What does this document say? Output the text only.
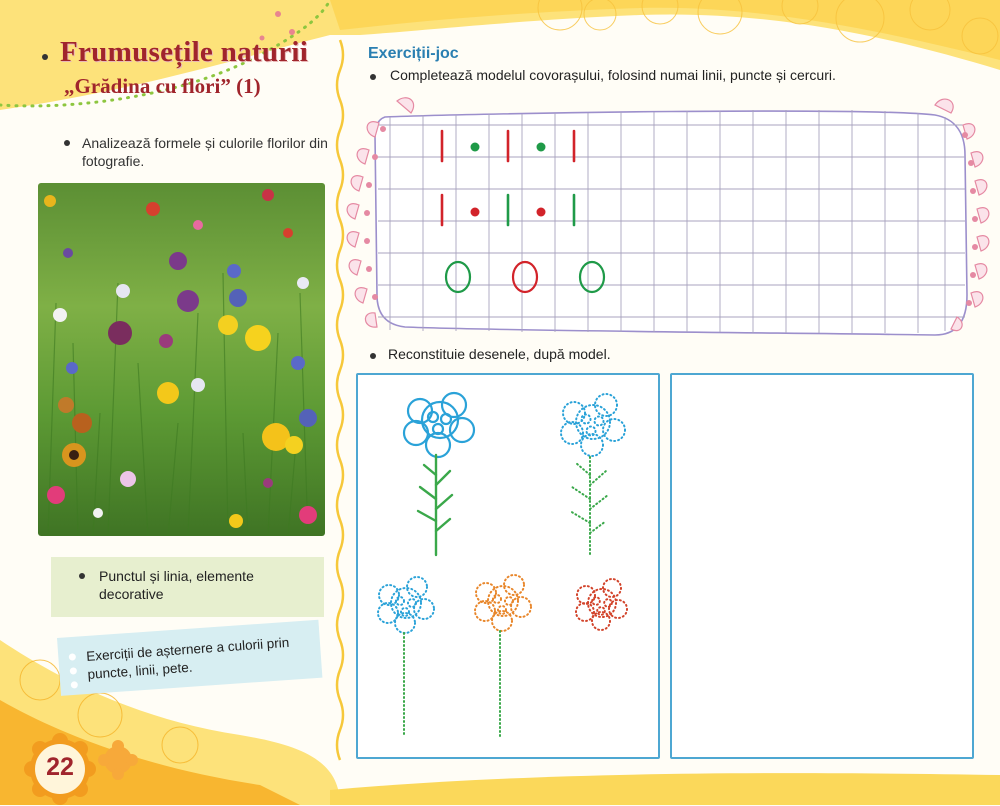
Frumusețile naturii
„Grădina cu flori” (1)
Analizează formele și culorile florilor din fotografie.
Punctul și linia, elemente decorative
Exerciții de așternere a culorii prin puncte, linii, pete.
22
Exerciții-joc
Completează modelul covorașului, folosind numai linii, puncte și cercuri.
Reconstituie desenele, după model.
